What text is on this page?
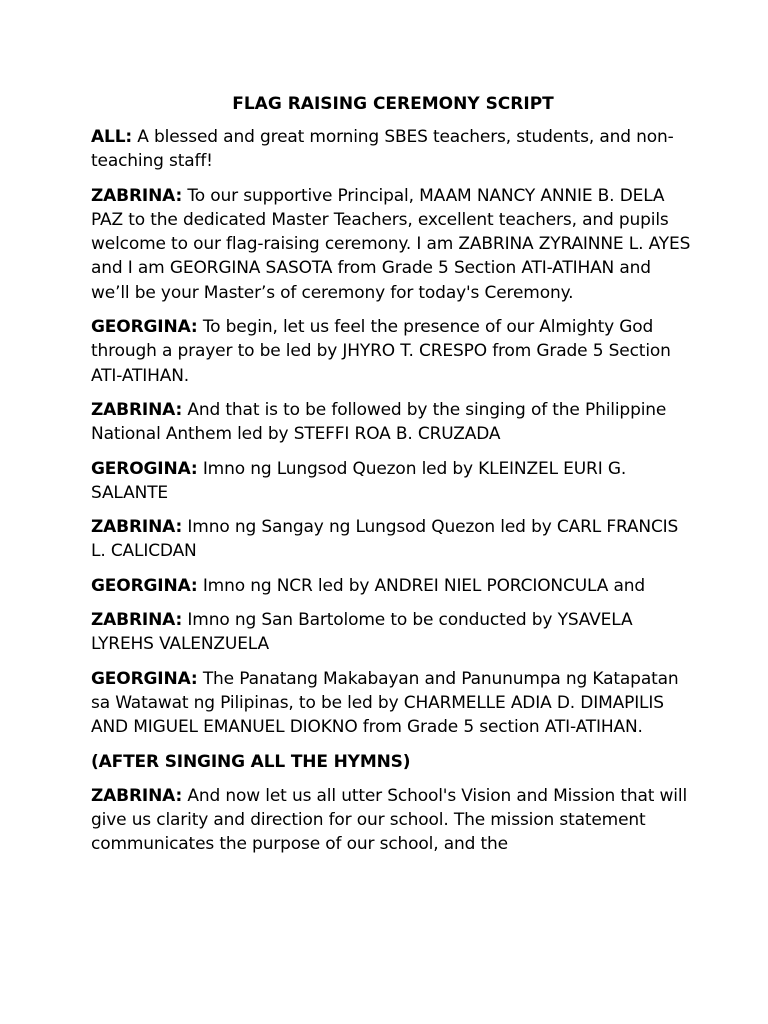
FLAG RAISING CEREMONY SCRIPT

ALL: A blessed and great morning SBES teachers, students, and non-teaching staff!

ZABRINA: To our supportive Principal, MAAM NANCY ANNIE B. DELA PAZ to the dedicated Master Teachers, excellent teachers, and pupils welcome to our flag-raising ceremony. I am ZABRINA ZYRAINNE L. AYES and I am GEORGINA SASOTA from Grade 5 Section ATI-ATIHAN and we’ll be your Master’s of ceremony for today's Ceremony.

GEORGINA: To begin, let us feel the presence of our Almighty God through a prayer to be led by JHYRO T. CRESPO from Grade 5 Section ATI-ATIHAN.

ZABRINA: And that is to be followed by the singing of the Philippine National Anthem led by STEFFI ROA B. CRUZADA

GEROGINA: Imno ng Lungsod Quezon led by KLEINZEL EURI G. SALANTE

ZABRINA: Imno ng Sangay ng Lungsod Quezon led by CARL FRANCIS L. CALICDAN

GEORGINA: Imno ng NCR led by ANDREI NIEL PORCIONCULA and

ZABRINA: Imno ng San Bartolome to be conducted by YSAVELA LYREHS VALENZUELA

GEORGINA: The Panatang Makabayan and Panunumpa ng Katapatan sa Watawat ng Pilipinas, to be led by CHARMELLE ADIA D. DIMAPILIS AND MIGUEL EMANUEL DIOKNO from Grade 5 section ATI-ATIHAN.

(AFTER SINGING ALL THE HYMNS)

ZABRINA: And now let us all utter School's Vision and Mission that will give us clarity and direction for our school. The mission statement communicates the purpose of our school, and the
